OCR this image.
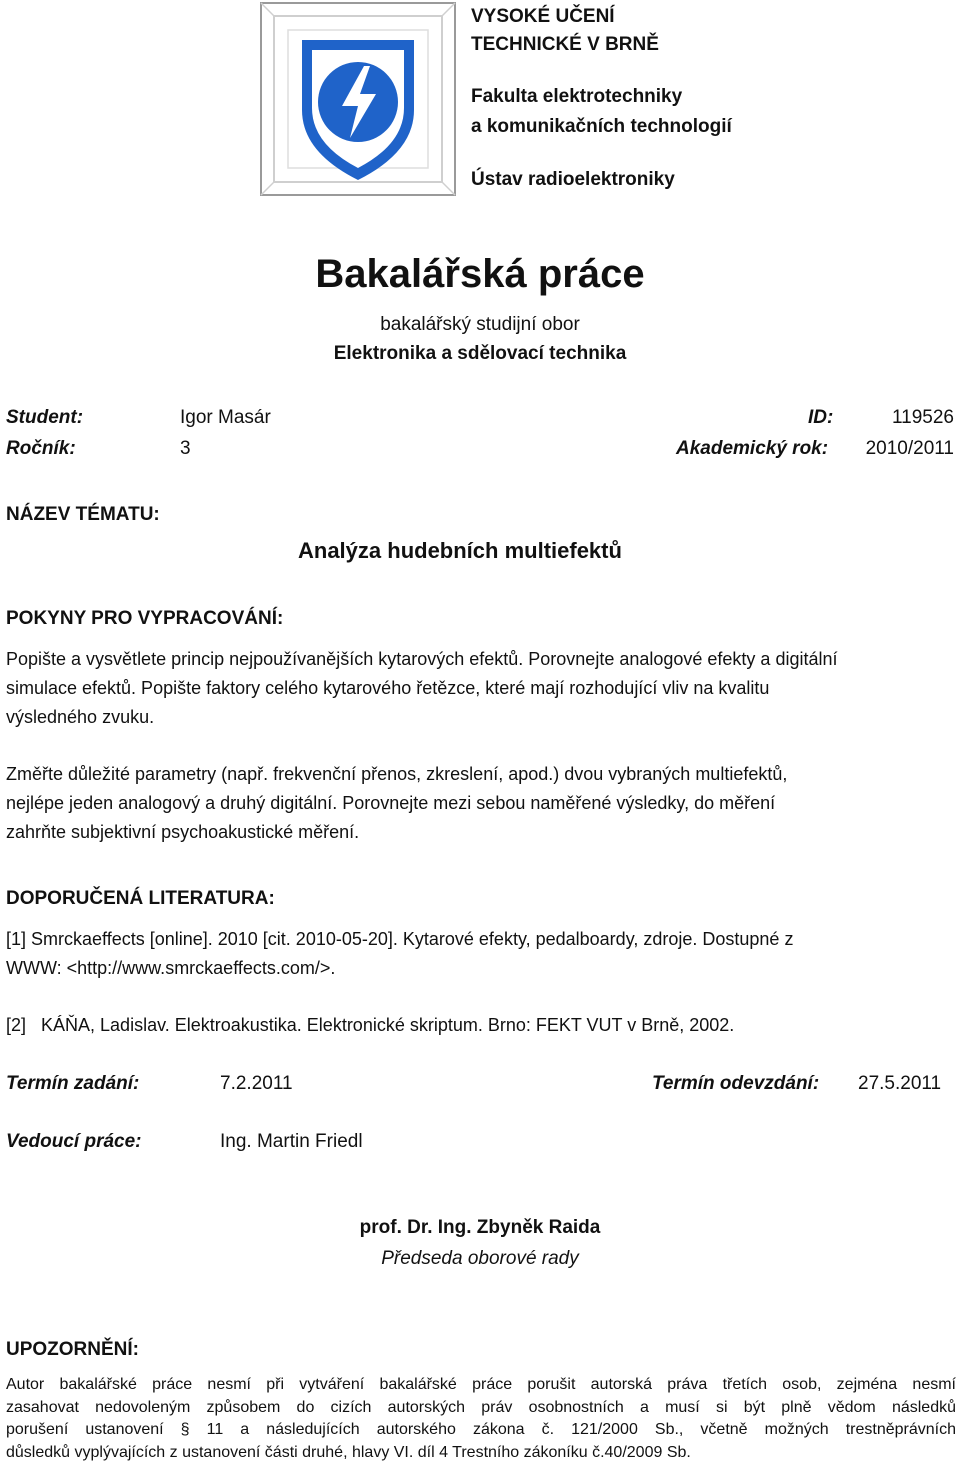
VYSOKÉ UČENÍ
TECHNICKÉ V BRNĚ
Fakulta elektrotechniky
a komunikačních technologií
Ústav radioelektroniky
Bakalářská práce
bakalářský studijní obor
Elektronika a sdělovací technika
Student:	Igor Masár	ID:	119526
Ročník:	3	Akademický rok: 2010/2011
NÁZEV TÉMATU:
Analýza hudebních multiefektů
POKYNY PRO VYPRACOVÁNÍ:
Popište a vysvětlete princip nejpoužívanějších kytarových efektů. Porovnejte analogové efekty a digitální
simulace efektů. Popište faktory celého kytarového řetězce, které mají rozhodující vliv na kvalitu
výsledného zvuku.
Změřte důležité parametry (např. frekvenční přenos, zkreslení, apod.) dvou vybraných multiefektů,
nejlépe jeden analogový a druhý digitální. Porovnejte mezi sebou naměřené výsledky, do měření
zahrňte subjektivní psychoakustické měření.
DOPORUČENÁ LITERATURA:
[1] Smrckaeffects [online]. 2010 [cit. 2010-05-20]. Kytarové efekty, pedalboardy, zdroje. Dostupné z
WWW: <http://www.smrckaeffects.com/>.
[2]   KÁŇA, Ladislav. Elektroakustika. Elektronické skriptum. Brno: FEKT VUT v Brně, 2002.
Termín zadání:	7.2.2011	Termín odevzdání: 27.5.2011
Vedoucí práce:	Ing. Martin Friedl
prof. Dr. Ing. Zbyněk Raida
Předseda oborové rady
UPOZORNĚNÍ:
Autor bakalářské práce nesmí při vytváření bakalářské práce porušit autorská práva třetích osob, zejména nesmí
zasahovat nedovoleným způsobem do cizích autorských práv osobnostních a musí si být plně vědom následků
porušení ustanovení § 11 a následujících autorského zákona č. 121/2000 Sb., včetně možných trestněprávních
důsledků vyplývajících z ustanovení části druhé, hlavy VI. díl 4 Trestního zákoníku č.40/2009 Sb.
